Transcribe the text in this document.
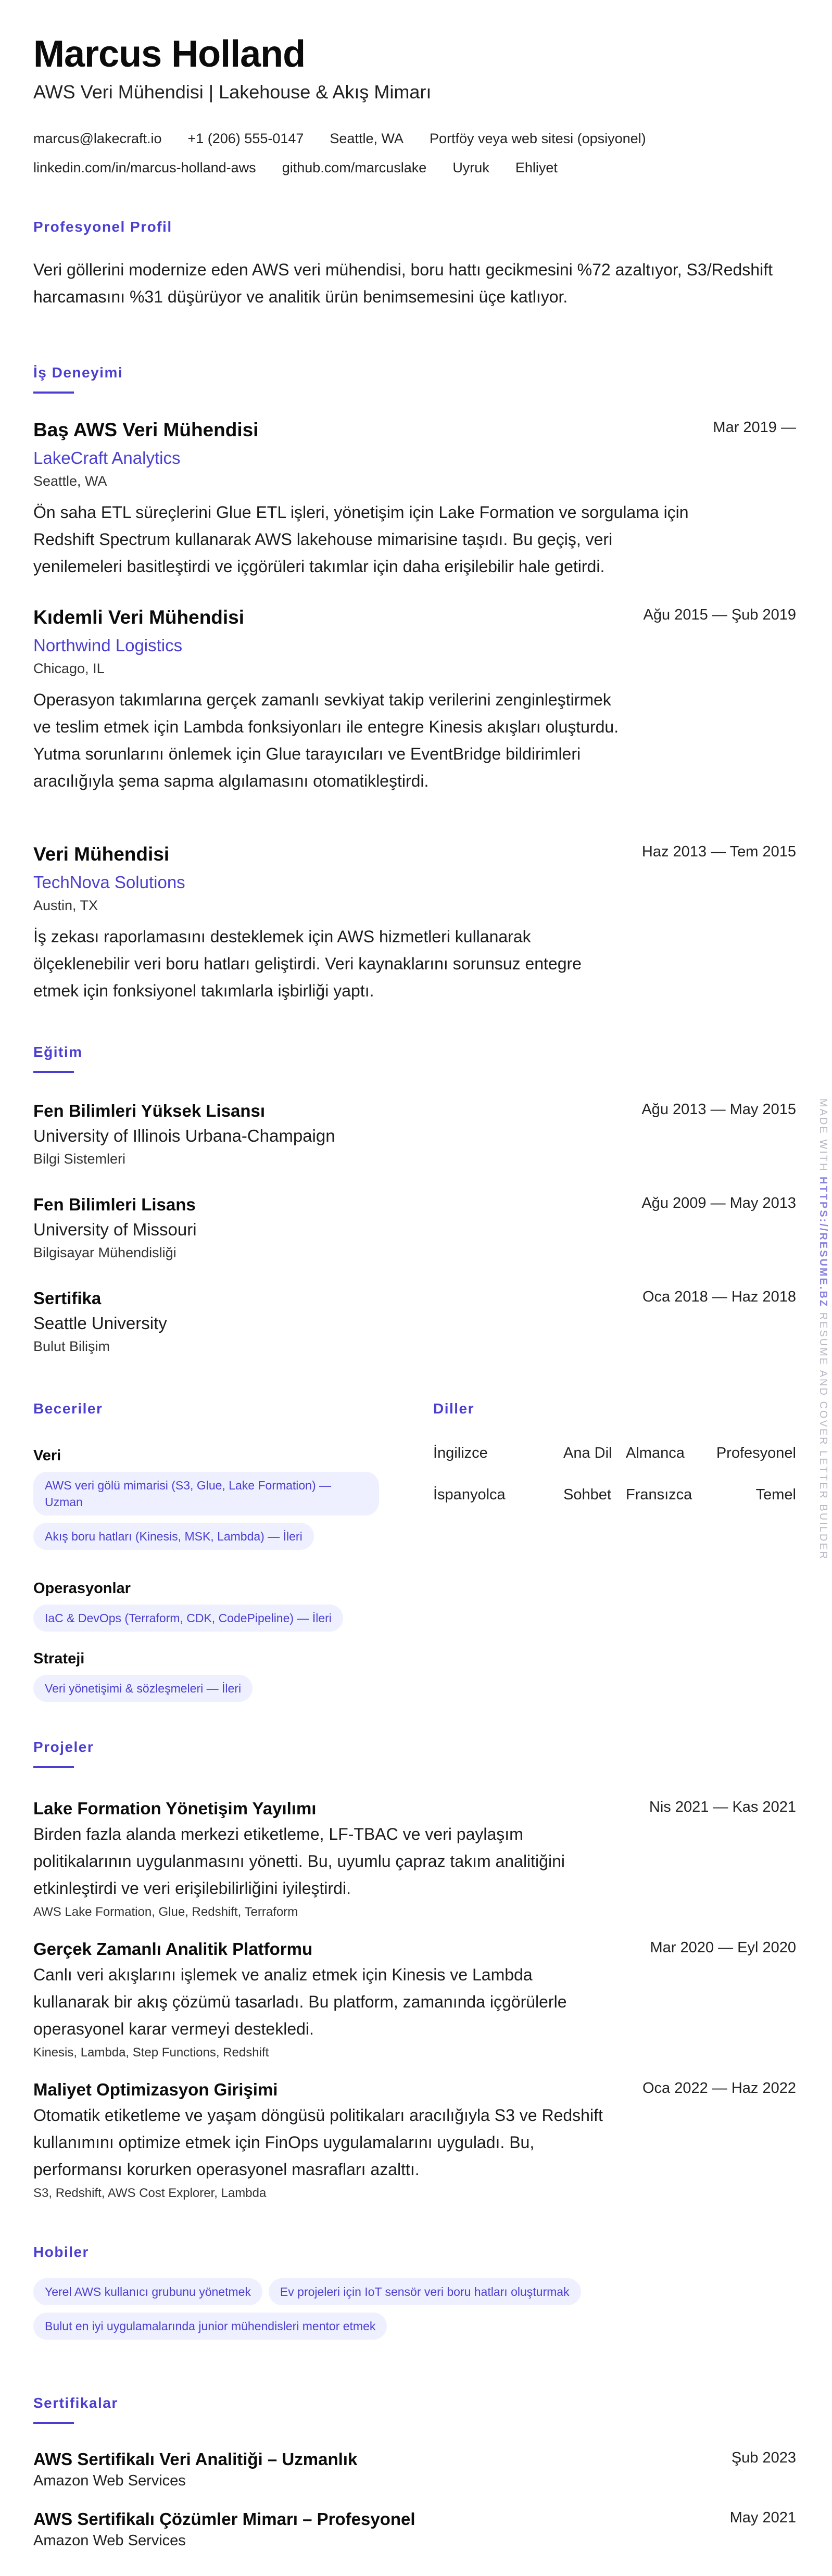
Marcus Holland
AWS Veri Mühendisi | Lakehouse & Akış Mimarı
marcus@lakecraft.io +1 (206) 555-0147 Seattle, WA Portföy veya web sitesi (opsiyonel)
linkedin.com/in/marcus-holland-aws github.com/marcuslake Uyruk Ehliyet
Profesyonel Profil
Veri göllerini modernize eden AWS veri mühendisi, boru hattı gecikmesini %72 azaltıyor, S3/Redshift harcamasını %31 düşürüyor ve analitik ürün benimsemesini üçe katlıyor.
İş Deneyimi
Baş AWS Veri Mühendisi	Mar 2019 —
LakeCraft Analytics
Seattle, WA
Ön saha ETL süreçlerini Glue ETL işleri, yönetişim için Lake Formation ve sorgulama için Redshift Spectrum kullanarak AWS lakehouse mimarisine taşıdı. Bu geçiş, veri yenilemeleri basitleştirdi ve içgörüleri takımlar için daha erişilebilir hale getirdi.
Kıdemli Veri Mühendisi	Ağu 2015 — Şub 2019
Northwind Logistics
Chicago, IL
Operasyon takımlarına gerçek zamanlı sevkiyat takip verilerini zenginleştirmek ve teslim etmek için Lambda fonksiyonları ile entegre Kinesis akışları oluşturdu. Yutma sorunlarını önlemek için Glue tarayıcıları ve EventBridge bildirimleri aracılığıyla şema sapma algılamasını otomatikleştirdi.
Veri Mühendisi	Haz 2013 — Tem 2015
TechNova Solutions
Austin, TX
İş zekası raporlamasını desteklemek için AWS hizmetleri kullanarak ölçeklenebilir veri boru hatları geliştirdi. Veri kaynaklarını sorunsuz entegre etmek için fonksiyonel takımlarla işbirliği yaptı.
Eğitim
Fen Bilimleri Yüksek Lisansı	Ağu 2013 — May 2015
University of Illinois Urbana-Champaign
Bilgi Sistemleri
Fen Bilimleri Lisans	Ağu 2009 — May 2013
University of Missouri
Bilgisayar Mühendisliği
Sertifika	Oca 2018 — Haz 2018
Seattle University
Bulut Bilişim
Beceriler
Veri
AWS veri gölü mimarisi (S3, Glue, Lake Formation) — Uzman
Akış boru hatları (Kinesis, MSK, Lambda) — İleri
Operasyonlar
IaC & DevOps (Terraform, CDK, CodePipeline) — İleri
Strateji
Veri yönetişimi & sözleşmeleri — İleri
Diller
İngilizce	Ana Dil Almanca Profesyonel
İspanyolca	Sohbet Fransızca	Temel
Projeler
Lake Formation Yönetişim Yayılımı	Nis 2021 — Kas 2021
Birden fazla alanda merkezi etiketleme, LF-TBAC ve veri paylaşım politikalarının uygulanmasını yönetti. Bu, uyumlu çapraz takım analitiğini etkinleştirdi ve veri erişilebilirliğini iyileştirdi.
AWS Lake Formation, Glue, Redshift, Terraform
Gerçek Zamanlı Analitik Platformu	Mar 2020 — Eyl 2020
Canlı veri akışlarını işlemek ve analiz etmek için Kinesis ve Lambda kullanarak bir akış çözümü tasarladı. Bu platform, zamanında içgörülerle operasyonel karar vermeyi destekledi.
Kinesis, Lambda, Step Functions, Redshift
Maliyet Optimizasyon Girişimi	Oca 2022 — Haz 2022
Otomatik etiketleme ve yaşam döngüsü politikaları aracılığıyla S3 ve Redshift kullanımını optimize etmek için FinOps uygulamalarını uyguladı. Bu, performansı korurken operasyonel masrafları azalttı.
S3, Redshift, AWS Cost Explorer, Lambda
Hobiler
Yerel AWS kullanıcı grubunu yönetmek Ev projeleri için IoT sensör veri boru hatları oluşturmak
Bulut en iyi uygulamalarında junior mühendisleri mentor etmek
Sertifikalar
AWS Sertifikalı Veri Analitiği – Uzmanlık	Şub 2023
Amazon Web Services
AWS Sertifikalı Çözümler Mimarı – Profesyonel	May 2021
Amazon Web Services
MADE WITH HTTPS://RESUME.BZ RESUME AND COVER LETTER BUILDER
